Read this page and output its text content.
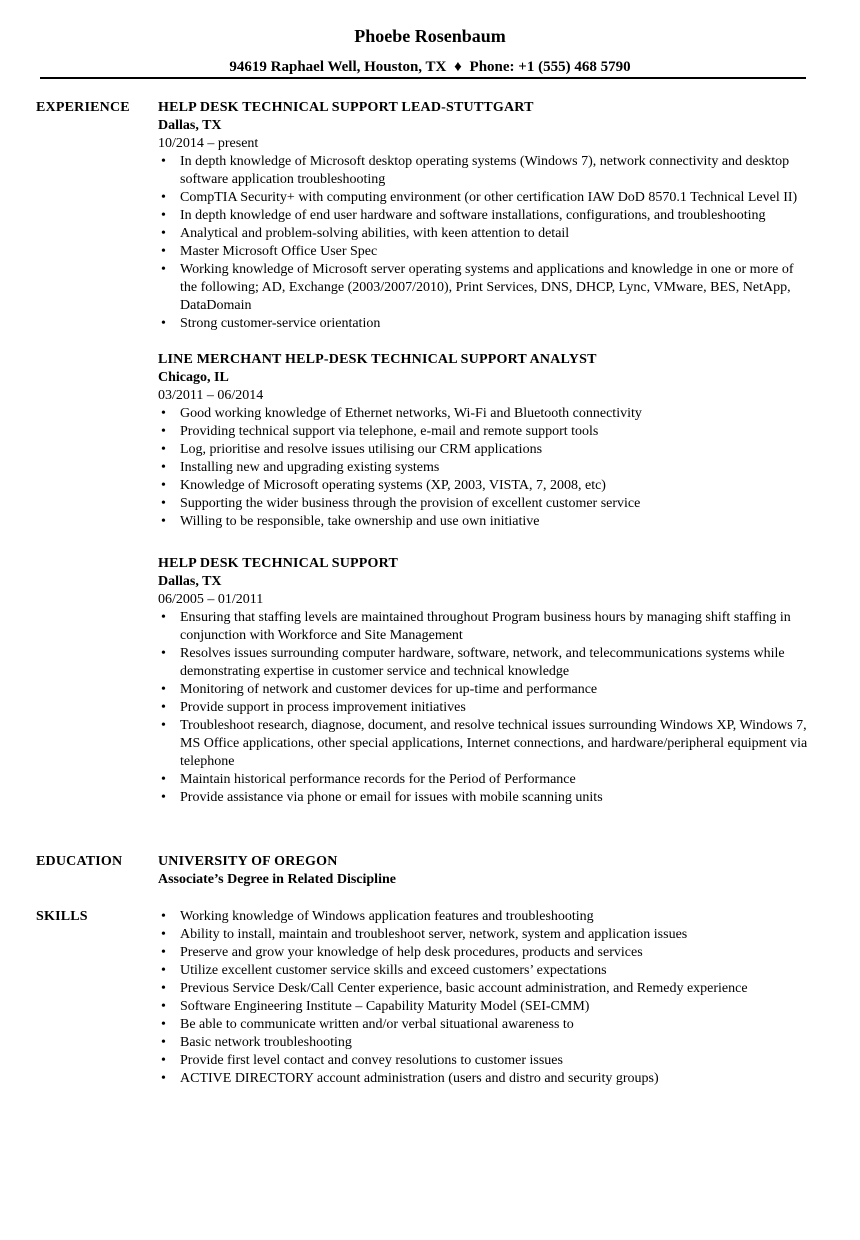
Phoebe Rosenbaum
94619 Raphael Well, Houston, TX ♦ Phone: +1 (555) 468 5790
EXPERIENCE HELP DESK TECHNICAL SUPPORT LEAD-STUTTGART
Dallas, TX
10/2014 – present
• In depth knowledge of Microsoft desktop operating systems (Windows 7), network connectivity and desktop software application troubleshooting
• CompTIA Security+ with computing environment (or other certification IAW DoD 8570.1 Technical Level II)
• In depth knowledge of end user hardware and software installations, configurations, and troubleshooting
• Analytical and problem-solving abilities, with keen attention to detail
• Master Microsoft Office User Spec
• Working knowledge of Microsoft server operating systems and applications and knowledge in one or more of the following; AD, Exchange (2003/2007/2010), Print Services, DNS, DHCP, Lync, VMware, BES, NetApp, DataDomain
• Strong customer-service orientation
LINE MERCHANT HELP-DESK TECHNICAL SUPPORT ANALYST
Chicago, IL
03/2011 – 06/2014
• Good working knowledge of Ethernet networks, Wi-Fi and Bluetooth connectivity
• Providing technical support via telephone, e-mail and remote support tools
• Log, prioritise and resolve issues utilising our CRM applications
• Installing new and upgrading existing systems
• Knowledge of Microsoft operating systems (XP, 2003, VISTA, 7, 2008, etc)
• Supporting the wider business through the provision of excellent customer service
• Willing to be responsible, take ownership and use own initiative
HELP DESK TECHNICAL SUPPORT
Dallas, TX
06/2005 – 01/2011
• Ensuring that staffing levels are maintained throughout Program business hours by managing shift staffing in conjunction with Workforce and Site Management
• Resolves issues surrounding computer hardware, software, network, and telecommunications systems while demonstrating expertise in customer service and technical knowledge
• Monitoring of network and customer devices for up-time and performance
• Provide support in process improvement initiatives
• Troubleshoot research, diagnose, document, and resolve technical issues surrounding Windows XP, Windows 7, MS Office applications, other special applications, Internet connections, and hardware/peripheral equipment via telephone
• Maintain historical performance records for the Period of Performance
• Provide assistance via phone or email for issues with mobile scanning units
EDUCATION	UNIVERSITY OF OREGON
Associate’s Degree in Related Discipline
SKILLS
•	Working knowledge of Windows application features and troubleshooting
• Ability to install, maintain and troubleshoot server, network, system and application issues
• Preserve and grow your knowledge of help desk procedures, products and services
• Utilize excellent customer service skills and exceed customers’ expectations
• Previous Service Desk/Call Center experience, basic account administration, and Remedy experience
• Software Engineering Institute – Capability Maturity Model (SEI-CMM)
• Be able to communicate written and/or verbal situational awareness to
• Basic network troubleshooting
• Provide first level contact and convey resolutions to customer issues
• ACTIVE DIRECTORY account administration (users and distro and security groups)
